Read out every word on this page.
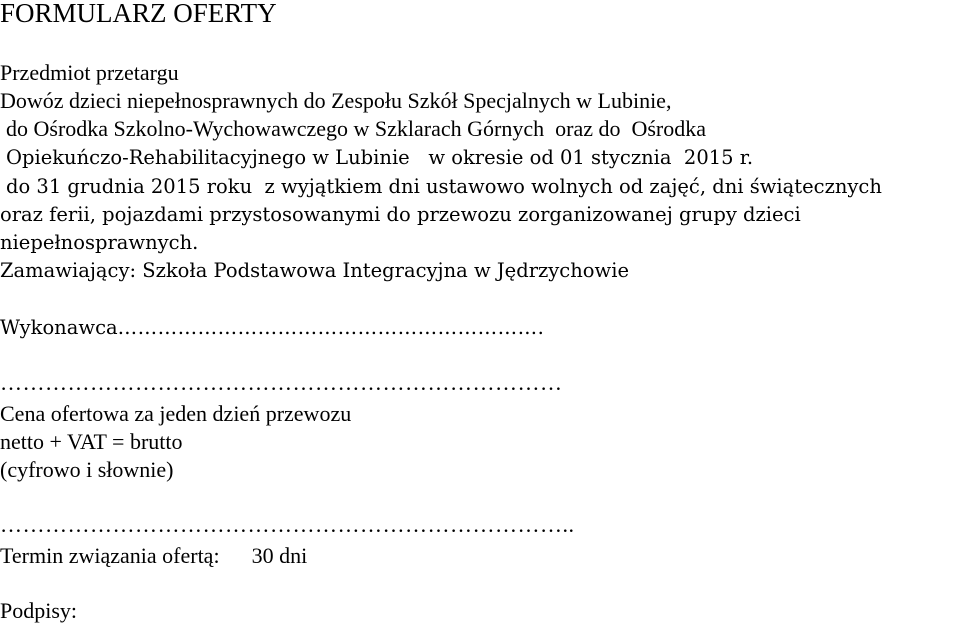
FORMULARZ OFERTY
Przedmiot przetargu
Dowóz dzieci niepełnosprawnych do Zespołu Szkół Specjalnych w Lubinie,
do Ośrodka Szkolno-Wychowawczego w Szklarach Górnych  oraz do  Ośrodka
Opiekuńczo-Rehabilitacyjnego w Lubinie   w okresie od 01 stycznia  2015 r.
do 31 grudnia 2015 roku  z wyjątkiem dni ustawowo wolnych od zajęć, dni świątecznych
oraz ferii, pojazdami przystosowanymi do przewozu zorganizowanej grupy dzieci
niepełnosprawnych.
Zamawiający: Szkoła Podstawowa Integracyjna w Jędrzychowie
Wykonawca……………………………………………………….
…………………………………………………………………
Cena ofertowa za jeden dzień przewozu
netto + VAT = brutto
(cyfrowo i słownie)
…………………………………………………………………..
Termin związania ofertą: 30 dni
Podpisy:
